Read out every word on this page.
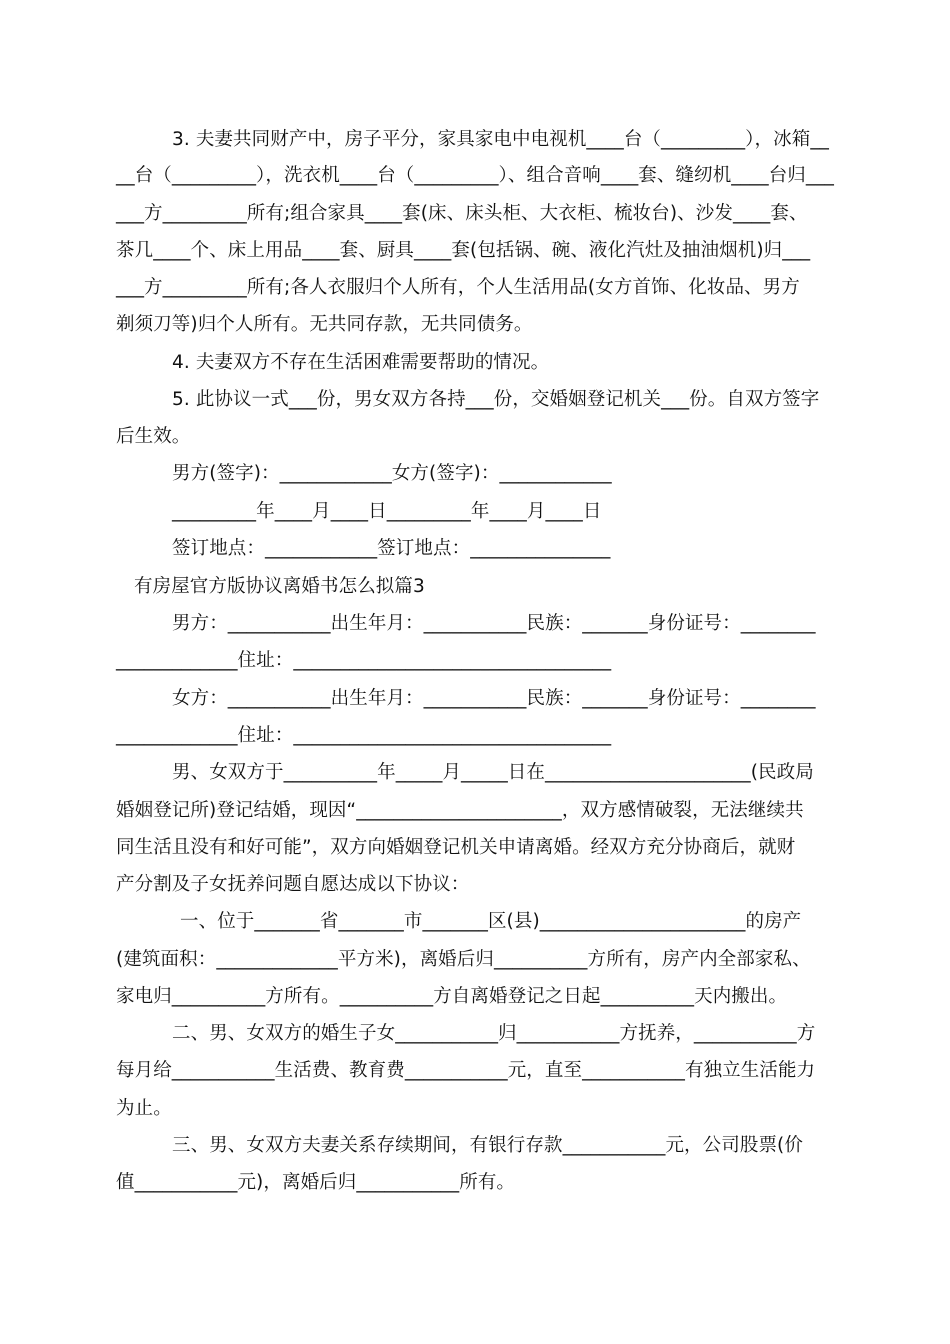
3. 夫妻共同财产中，房子平分，家具家电中电视机____台（_________），冰箱__
__台（_________），洗衣机____台（_________）、组合音响____套、缝纫机____台归___
___方_________所有;组合家具____套(床、床头柜、大衣柜、梳妆台)、沙发____套、
茶几____个、床上用品____套、厨具____套(包括锅、碗、液化汽灶及抽油烟机)归___
___方_________所有;各人衣服归个人所有，个人生活用品(女方首饰、化妆品、男方
剃须刀等)归个人所有。无共同存款，无共同债务。
4. 夫妻双方不存在生活困难需要帮助的情况。
5. 此协议一式___份，男女双方各持___份，交婚姻登记机关___份。自双方签字
后生效。
男方(签字)：____________女方(签字)：____________
_________年____月____日_________年____月____日
签订地点：____________签订地点：_______________
有房屋官方版协议离婚书怎么拟篇3
男方：___________出生年月：___________民族：_______身份证号：________
_____________住址：__________________________________
女方：___________出生年月：___________民族：_______身份证号：________
_____________住址：__________________________________
男、女双方于__________年_____月_____日在______________________(民政局
婚姻登记所)登记结婚，现因“______________________，双方感情破裂，无法继续共
同生活且没有和好可能”，双方向婚姻登记机关申请离婚。经双方充分协商后，就财
产分割及子女抚养问题自愿达成以下协议：
一、位于_______省_______市_______区(县)______________________的房产
(建筑面积：_____________平方米)，离婚后归__________方所有，房产内全部家私、
家电归__________方所有。__________方自离婚登记之日起__________天内搬出。
二、男、女双方的婚生子女___________归___________方抚养，___________方
每月给___________生活费、教育费___________元，直至___________有独立生活能力
为止。
三、男、女双方夫妻关系存续期间，有银行存款___________元，公司股票(价
值___________元)，离婚后归___________所有。
